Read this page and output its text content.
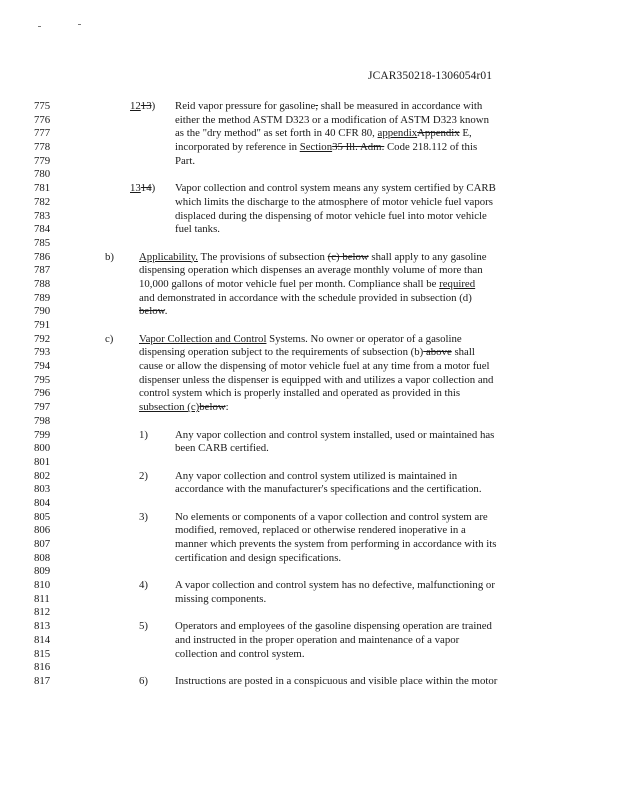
JCAR350218-1306054r01
775	1213) Reid vapor pressure for gasoline, shall be measured in accordance with
776	either the method ASTM D323 or a modification of ASTM D323 known
777	as the "dry method" as set forth in 40 CFR 80, appendixAppendix E,
778	incorporated by reference in Section35 Ill. Adm. Code 218.112 of this
779	Part.
780
781	1314) Vapor collection and control system means any system certified by CARB
782	which limits the discharge to the atmosphere of motor vehicle fuel vapors
783	displaced during the dispensing of motor vehicle fuel into motor vehicle
784	fuel tanks.
785
786	b) Applicability. The provisions of subsection (c) below shall apply to any gasoline
787	dispensing operation which dispenses an average monthly volume of more than
788	10,000 gallons of motor vehicle fuel per month. Compliance shall be required
789	and demonstrated in accordance with the schedule provided in subsection (d)
790	below.
791
792	c) Vapor Collection and Control Systems. No owner or operator of a gasoline
793	dispensing operation subject to the requirements of subsection (b) above shall
794	cause or allow the dispensing of motor vehicle fuel at any time from a motor fuel
795	dispenser unless the dispenser is equipped with and utilizes a vapor collection and
796	control system which is properly installed and operated as provided in this
797	subsection (c)below:
798
799	1)	Any vapor collection and control system installed, used or maintained has
800	been CARB certified.
801
802	2)	Any vapor collection and control system utilized is maintained in
803	accordance with the manufacturer's specifications and the certification.
804
805	3)	No elements or components of a vapor collection and control system are
806	modified, removed, replaced or otherwise rendered inoperative in a
807	manner which prevents the system from performing in accordance with its
808	certification and design specifications.
809
810	4)	A vapor collection and control system has no defective, malfunctioning or
811	missing components.
812
813	5)	Operators and employees of the gasoline dispensing operation are trained
814	and instructed in the proper operation and maintenance of a vapor
815	collection and control system.
816
817	6)	Instructions are posted in a conspicuous and visible place within the motor
